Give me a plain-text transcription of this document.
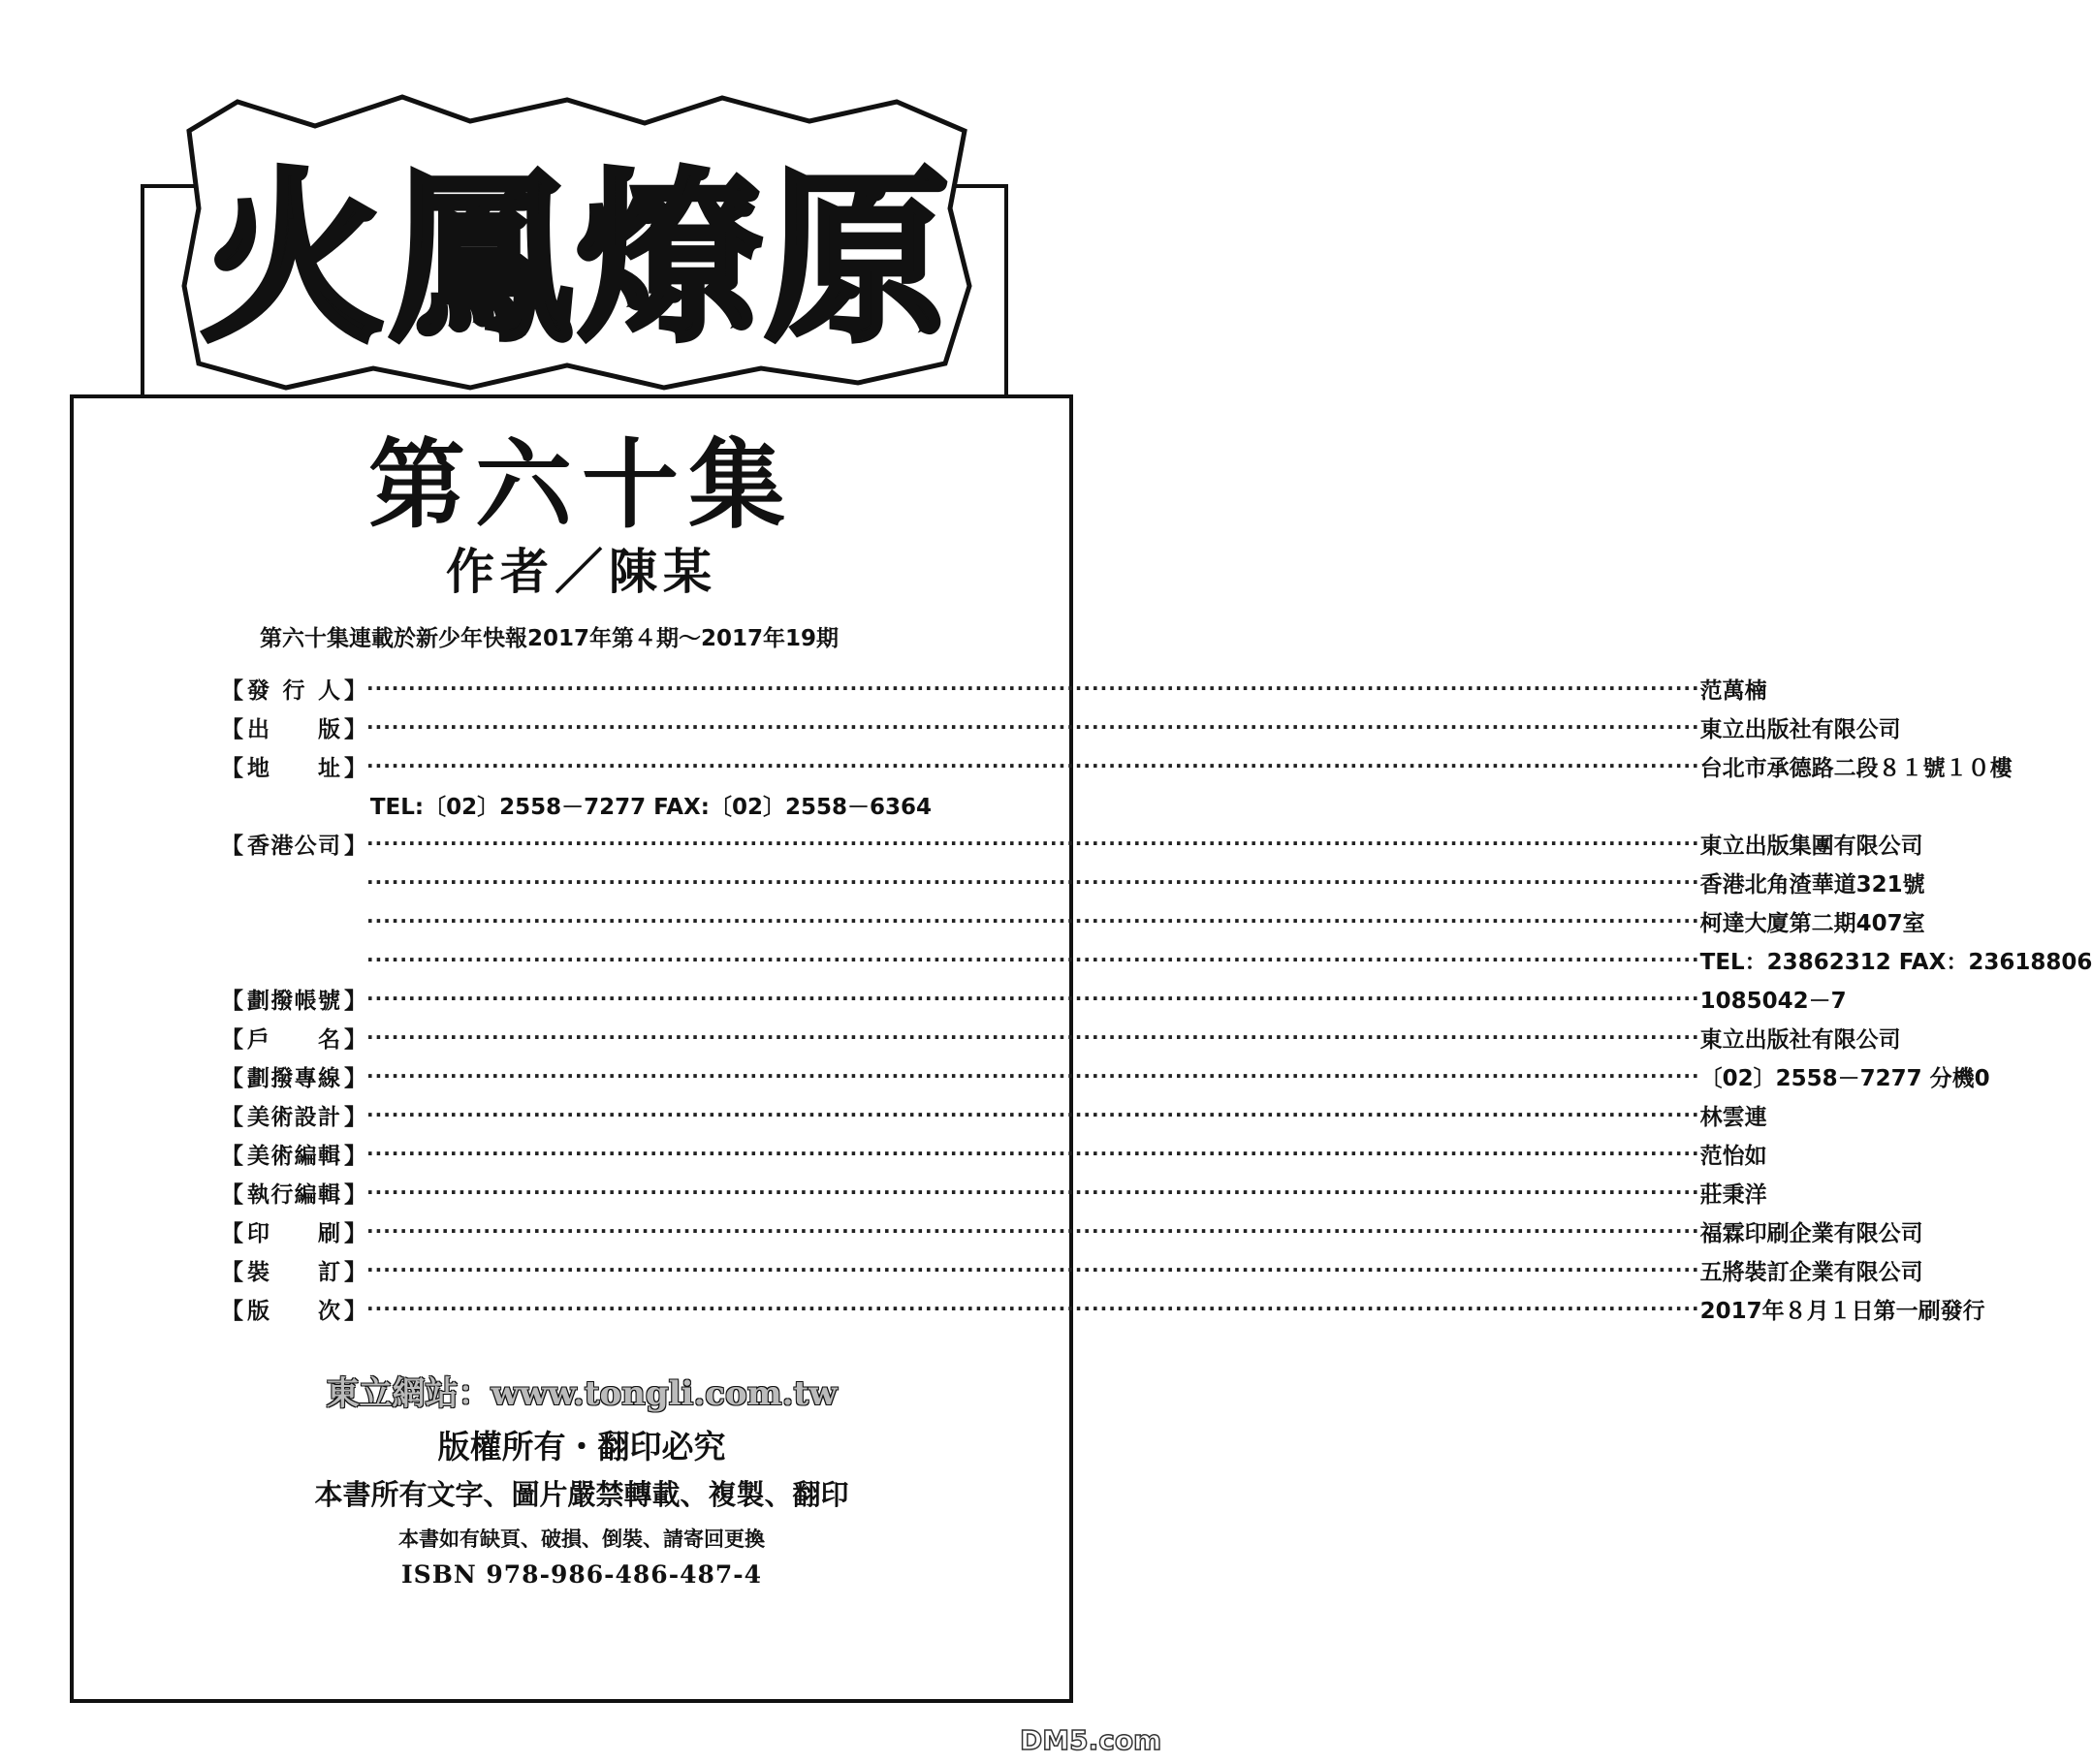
火鳳燎原
第六十集
作者／陳某
第六十集連載於新少年快報2017年第４期～2017年19期
【 發 行 人 】 ································································································································································ 范萬楠
【 出 版 】 ································································································································································ 東立出版社有限公司
【 地 址 】 ································································································································································ 台北市承德路二段８１號１０樓
TEL:〔02〕2558－7277 FAX:〔02〕2558－6364
【 香 港 公 司 】 ································································································································································ 東立出版集團有限公司
································································································································································ 香港北角渣華道321號
································································································································································ 柯達大廈第二期407室
································································································································································ TEL：23862312 FAX：23618806
【 劃 撥 帳 號 】 ································································································································································ 1085042－7
【 戶 名 】 ································································································································································ 東立出版社有限公司
【 劃 撥 專 線 】 ································································································································································ 〔02〕2558－7277 分機0
【 美 術 設 計 】 ································································································································································ 林雲連
【 美 術 編 輯 】 ································································································································································ 范怡如
【 執 行 編 輯 】 ································································································································································ 莊秉洋
【 印 刷 】 ································································································································································ 福霖印刷企業有限公司
【 裝 訂 】 ································································································································································ 五將裝訂企業有限公司
【 版 次 】 ································································································································································ 2017年８月１日第一刷發行
東立網站：www.tongli.com.tw
版權所有・翻印必究
本書所有文字、圖片嚴禁轉載、複製、翻印
本書如有缺頁、破損、倒裝、請寄回更換
ISBN 978-986-486-487-4
DM5.com
